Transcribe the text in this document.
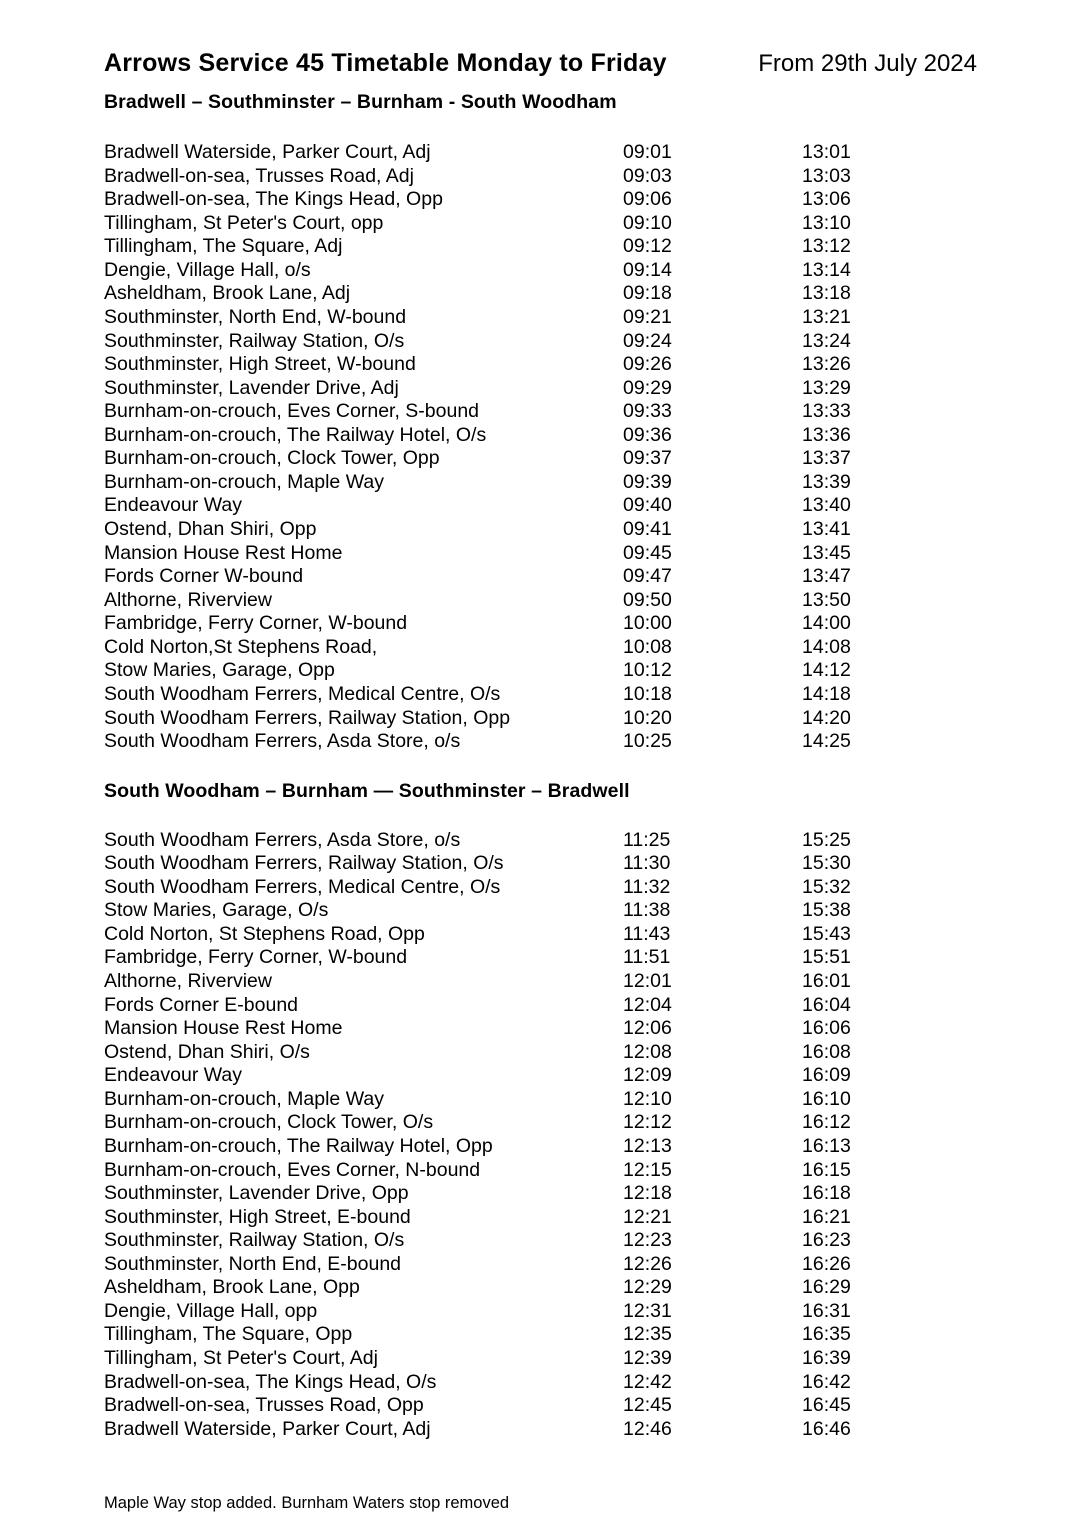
Arrows Service 45 Timetable Monday to Friday	From 29th July 2024
Bradwell – Southminster – Burnham - South Woodham
Bradwell Waterside, Parker Court, Adj	09:01	13:01
Bradwell-on-sea, Trusses Road, Adj	09:03	13:03
Bradwell-on-sea, The Kings Head, Opp	09:06	13:06
Tillingham, St Peter's Court, opp	09:10	13:10
Tillingham, The Square, Adj	09:12	13:12
Dengie, Village Hall, o/s	09:14	13:14
Asheldham, Brook Lane, Adj	09:18	13:18
Southminster, North End, W-bound	09:21	13:21
Southminster, Railway Station, O/s	09:24	13:24
Southminster, High Street, W-bound	09:26	13:26
Southminster, Lavender Drive, Adj	09:29	13:29
Burnham-on-crouch, Eves Corner, S-bound	09:33	13:33
Burnham-on-crouch, The Railway Hotel, O/s	09:36	13:36
Burnham-on-crouch, Clock Tower, Opp	09:37	13:37
Burnham-on-crouch, Maple Way	09:39	13:39
Endeavour Way	09:40	13:40
Ostend, Dhan Shiri, Opp	09:41	13:41
Mansion House Rest Home	09:45	13:45
Fords Corner W-bound	09:47	13:47
Althorne, Riverview	09:50	13:50
Fambridge, Ferry Corner, W-bound	10:00	14:00
Cold Norton,St Stephens Road,	10:08	14:08
Stow Maries, Garage, Opp	10:12	14:12
South Woodham Ferrers, Medical Centre, O/s	10:18	14:18
South Woodham Ferrers, Railway Station, Opp	10:20	14:20
South Woodham Ferrers, Asda Store, o/s	10:25	14:25
South Woodham – Burnham — Southminster – Bradwell
South Woodham Ferrers, Asda Store, o/s	11:25	15:25
South Woodham Ferrers, Railway Station, O/s	11:30	15:30
South Woodham Ferrers, Medical Centre, O/s	11:32	15:32
Stow Maries, Garage, O/s	11:38	15:38
Cold Norton, St Stephens Road, Opp	11:43	15:43
Fambridge, Ferry Corner, W-bound	11:51	15:51
Althorne, Riverview	12:01	16:01
Fords Corner E-bound	12:04	16:04
Mansion House Rest Home	12:06	16:06
Ostend, Dhan Shiri, O/s	12:08	16:08
Endeavour Way	12:09	16:09
Burnham-on-crouch, Maple Way	12:10	16:10
Burnham-on-crouch, Clock Tower, O/s	12:12	16:12
Burnham-on-crouch, The Railway Hotel, Opp	12:13	16:13
Burnham-on-crouch, Eves Corner, N-bound	12:15	16:15
Southminster, Lavender Drive, Opp	12:18	16:18
Southminster, High Street, E-bound	12:21	16:21
Southminster, Railway Station, O/s	12:23	16:23
Southminster, North End, E-bound	12:26	16:26
Asheldham, Brook Lane, Opp	12:29	16:29
Dengie, Village Hall, opp	12:31	16:31
Tillingham, The Square, Opp	12:35	16:35
Tillingham, St Peter's Court, Adj	12:39	16:39
Bradwell-on-sea, The Kings Head, O/s	12:42	16:42
Bradwell-on-sea, Trusses Road, Opp	12:45	16:45
Bradwell Waterside, Parker Court, Adj	12:46	16:46
Maple Way stop added. Burnham Waters stop removed
